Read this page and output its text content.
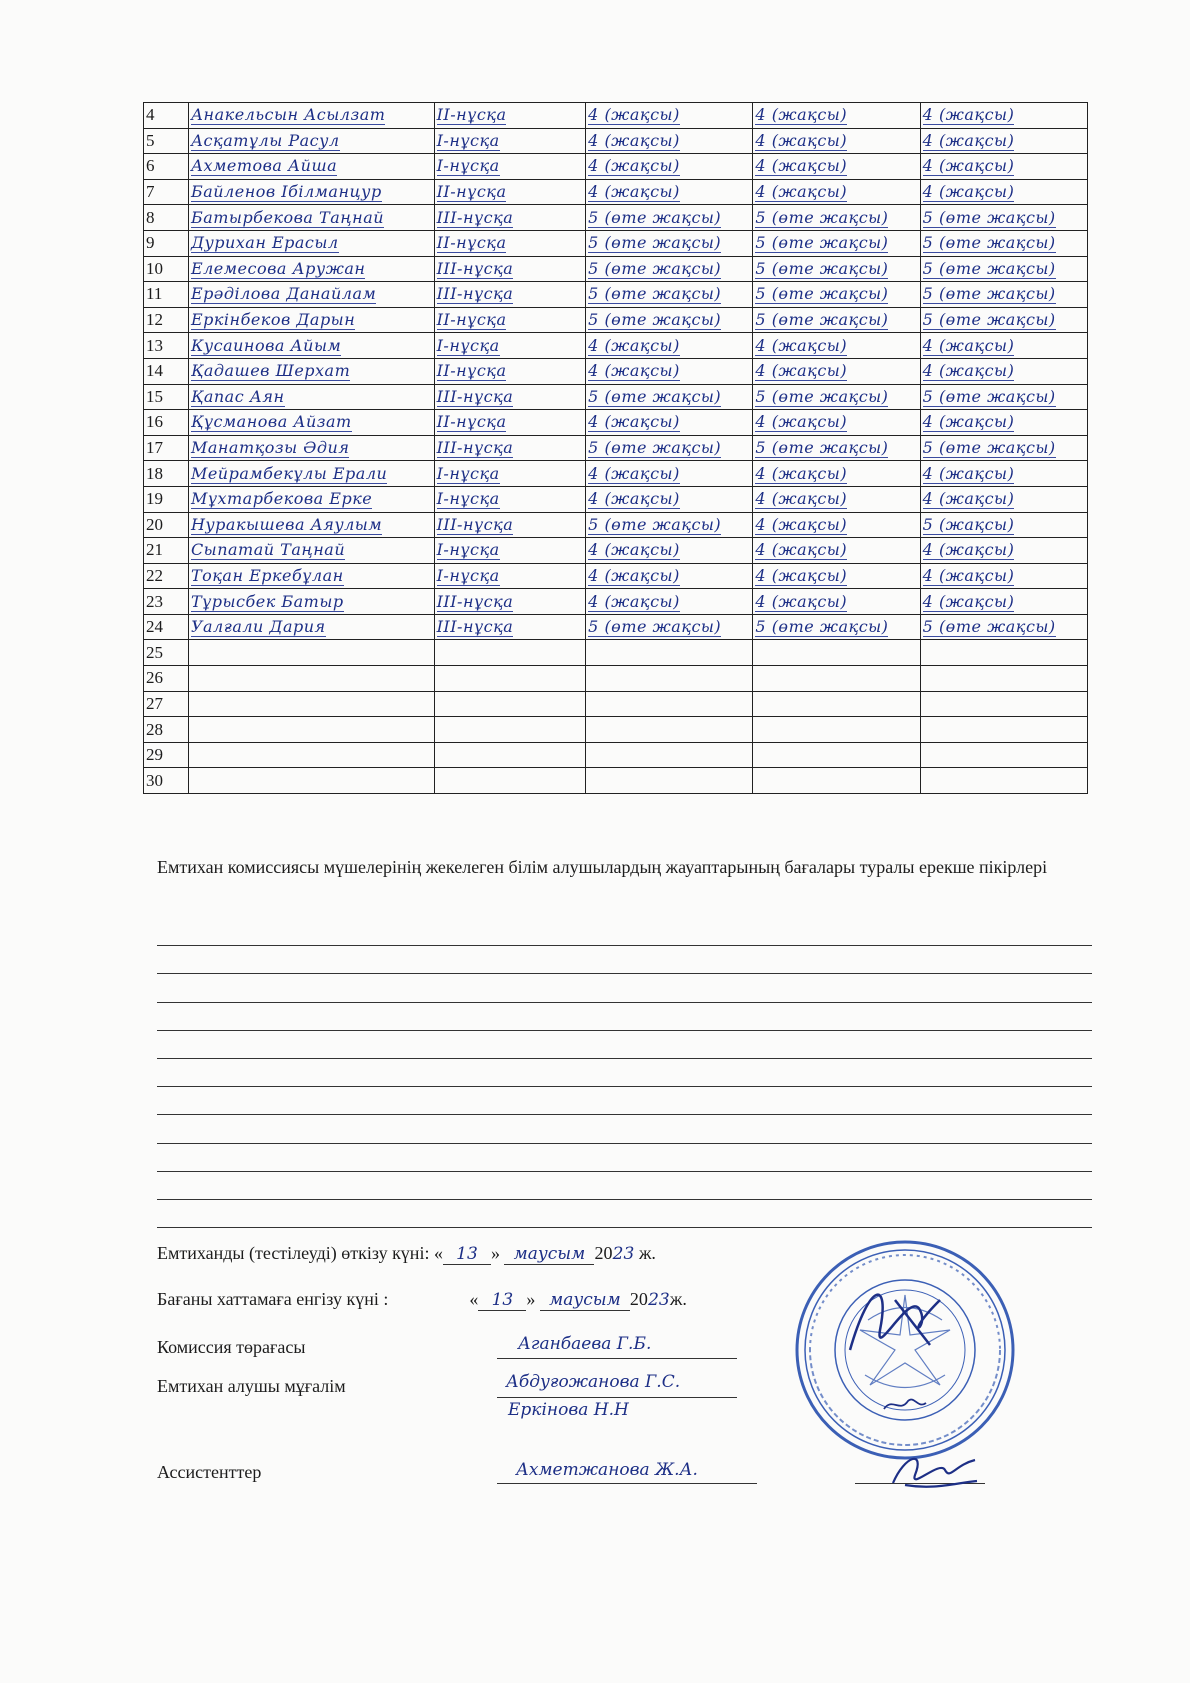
4	Анакельсын Асылзат	II-нұсқа	4 (жақсы)	4 (жақсы)	4 (жақсы)
5	Асқатұлы Расул	I-нұсқа	4 (жақсы)	4 (жақсы)	4 (жақсы)
6	Ахметова Айша	I-нұсқа	4 (жақсы)	4 (жақсы)	4 (жақсы)
7	Байленов Ібілманцур	II-нұсқа	4 (жақсы)	4 (жақсы)	4 (жақсы)
8	Батырбекова Таңнай	III-нұсқа	5 (өте жақсы)	5 (өте жақсы)	5 (өте жақсы)
9	Дурихан Ерасыл	II-нұсқа	5 (өте жақсы)	5 (өте жақсы)	5 (өте жақсы)
10	Елемесова Аружан	III-нұсқа	5 (өте жақсы)	5 (өте жақсы)	5 (өте жақсы)
11	Ерәділова Данайлам	III-нұсқа	5 (өте жақсы)	5 (өте жақсы)	5 (өте жақсы)
12	Еркінбеков Дарын	II-нұсқа	5 (өте жақсы)	5 (өте жақсы)	5 (өте жақсы)
13	Кусаинова Айым	I-нұсқа	4 (жақсы)	4 (жақсы)	4 (жақсы)
14	Қадашев Шерхат	II-нұсқа	4 (жақсы)	4 (жақсы)	4 (жақсы)
15	Қапас Аян	III-нұсқа	5 (өте жақсы)	5 (өте жақсы)	5 (өте жақсы)
16	Құсманова Айзат	II-нұсқа	4 (жақсы)	4 (жақсы)	4 (жақсы)
17	Манатқозы Әдия	III-нұсқа	5 (өте жақсы)	5 (өте жақсы)	5 (өте жақсы)
18	Мейрамбекұлы Ерали	I-нұсқа	4 (жақсы)	4 (жақсы)	4 (жақсы)
19	Мұхтарбекова Ерке	I-нұсқа	4 (жақсы)	4 (жақсы)	4 (жақсы)
20	Нуракышева Аяулым	III-нұсқа	5 (өте жақсы)	4 (жақсы)	5 (жақсы)
21	Сыпатай Таңнай	I-нұсқа	4 (жақсы)	4 (жақсы)	4 (жақсы)
22	Тоқан Еркебұлан	I-нұсқа	4 (жақсы)	4 (жақсы)	4 (жақсы)
23	Тұрысбек Батыр	III-нұсқа	4 (жақсы)	4 (жақсы)	4 (жақсы)
24	Уалғали Дария	III-нұсқа	5 (өте жақсы)	5 (өте жақсы)	5 (өте жақсы)
25					
26					
27					
28					
29					
30					
Емтихан комиссиясы мүшелерінің жекелеген білім алушылардың жауаптарының бағалары туралы ерекше пікірлері
Емтиханды (тестілеуді) өткізу күні: « 13 » маусым 2023 ж.
Бағаны хаттамаға енгізу күні :	« 13 » маусым 2023ж.
Комиссия төрағасы	Аганбаева Г.Б.
Емтихан алушы мұғалім	Абдуғожанова Г.С.
Еркінова Н.Н
Ассистенттер	Ахметжанова Ж.А.
